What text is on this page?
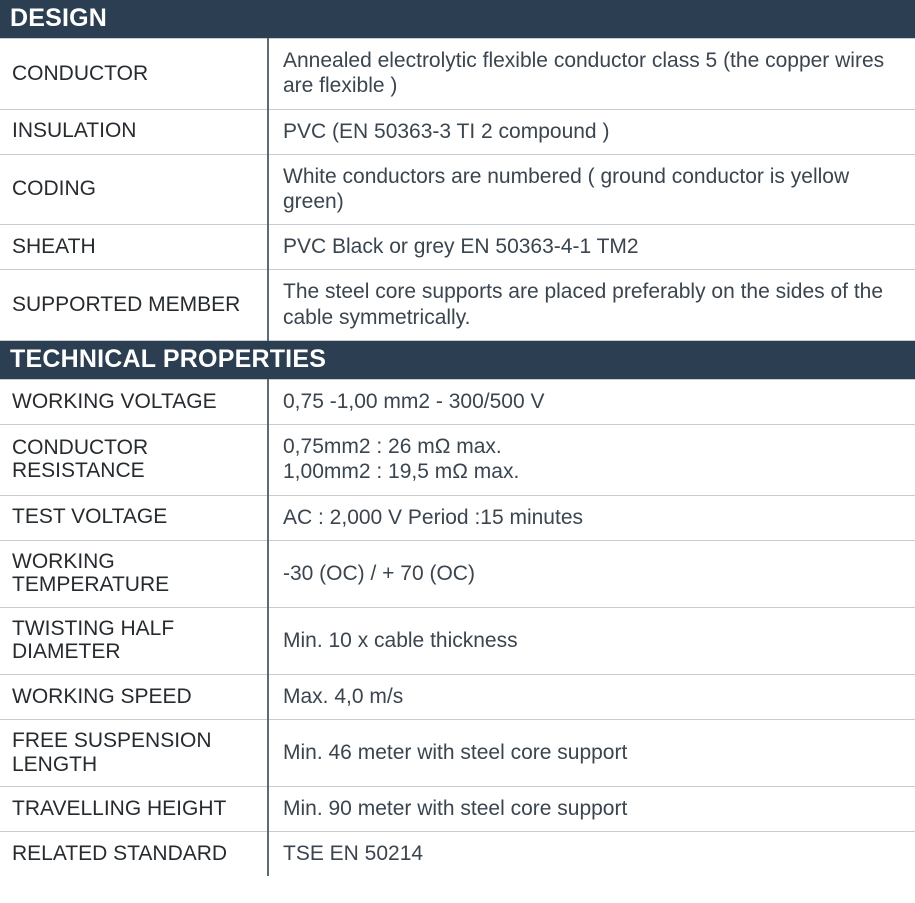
DESIGN	
CONDUCTOR	Annealed electrolytic flexible conductor class 5 (the copper wires are flexible )
INSULATION	PVC (EN 50363-3 TI 2 compound )
CODING	White conductors are numbered ( ground conductor is yellow green)
SHEATH	PVC Black or grey EN 50363-4-1 TM2
SUPPORTED MEMBER	The steel core supports are placed preferably on the sides of the cable symmetrically.
TECHNICAL PROPERTIES	
WORKING VOLTAGE	0,75 -1,00 mm2 - 300/500 V
CONDUCTOR RESISTANCE	0,75mm2 : 26 mΩ max.
1,00mm2 : 19,5 mΩ max.

TEST VOLTAGE	AC : 2,000 V Period :15 minutes
WORKING TEMPERATURE	-30 (OC) / + 70 (OC)
TWISTING HALF DIAMETER	Min. 10 x cable thickness
WORKING SPEED	Max. 4,0 m/s
FREE SUSPENSION LENGTH	Min. 46 meter with steel core support
TRAVELLING HEIGHT	Min. 90 meter with steel core support
RELATED STANDARD	TSE EN 50214
